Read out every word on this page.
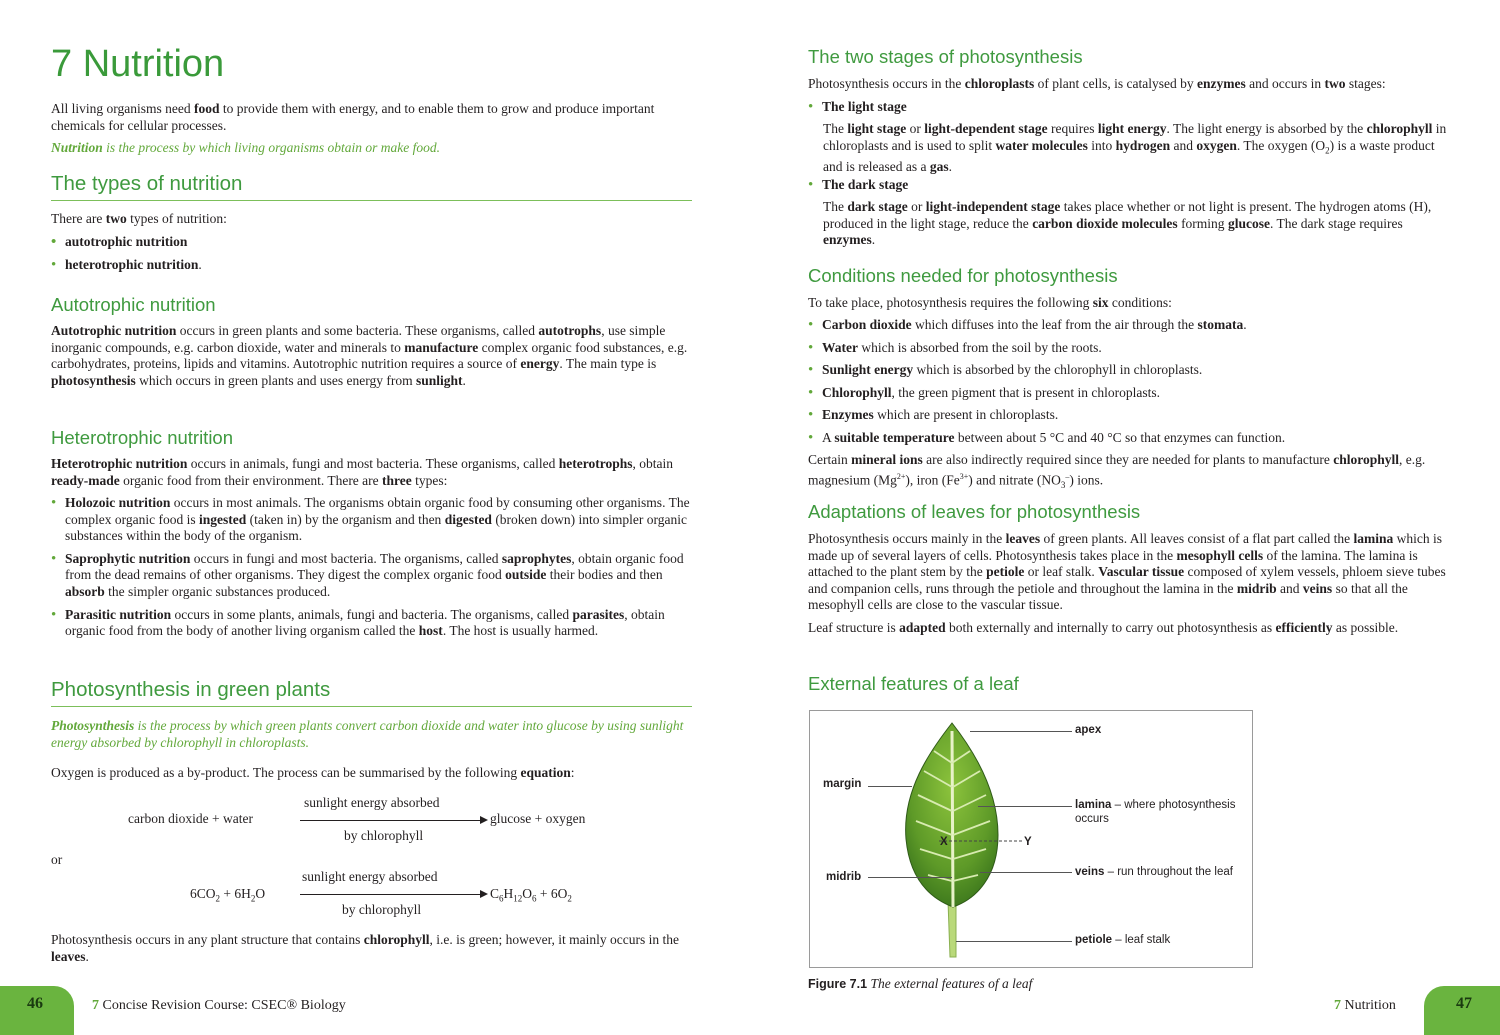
7 Nutrition

All living organisms need food to provide them with energy, and to enable them to grow and produce important chemicals for cellular processes.

Nutrition is the process by which living organisms obtain or make food.

The types of nutrition

There are two types of nutrition:

• autotrophic nutrition
• heterotrophic nutrition.
Autotrophic nutrition

Autotrophic nutrition occurs in green plants and some bacteria. These organisms, called autotrophs, use simple inorganic compounds, e.g. carbon dioxide, water and minerals to manufacture complex organic food substances, e.g. carbohydrates, proteins, lipids and vitamins. Autotrophic nutrition requires a source of energy. The main type is photosynthesis which occurs in green plants and uses energy from sunlight.

Heterotrophic nutrition

Heterotrophic nutrition occurs in animals, fungi and most bacteria. These organisms, called heterotrophs, obtain ready-made organic food from their environment. There are three types:

• Holozoic nutrition occurs in most animals. The organisms obtain organic food by consuming other organisms. The complex organic food is ingested (taken in) by the organism and then digested (broken down) into simpler organic substances within the body of the organism.
• Saprophytic nutrition occurs in fungi and most bacteria. The organisms, called saprophytes, obtain organic food from the dead remains of other organisms. They digest the complex organic food outside their bodies and then absorb the simpler organic substances produced.
• Parasitic nutrition occurs in some plants, animals, fungi and bacteria. The organisms, called parasites, obtain organic food from the body of another living organism called the host. The host is usually harmed.
Photosynthesis in green plants

Photosynthesis is the process by which green plants convert carbon dioxide and water into glucose by using sunlight energy absorbed by chlorophyll in chloroplasts.

Oxygen is produced as a by-product. The process can be summarised by the following equation:

sunlight energy absorbed
carbon dioxide + water	glucose + oxygen
by chlorophyll
or
sunlight energy absorbed
$6CO_2 + 6H_2O$	$C_6H_{12}O_6 + 6O_2$
by chlorophyll

Photosynthesis occurs in any plant structure that contains chlorophyll, i.e. is green; however, it mainly occurs in the leaves.

46	7 Concise Revision Course: CSEC® Biology
The two stages of photosynthesis

Photosynthesis occurs in the chloroplasts of plant cells, is catalysed by enzymes and occurs in two stages:

• The light stage

The light stage or light-dependent stage requires light energy. The light energy is absorbed by the chlorophyll in chloroplasts and is used to split water molecules into hydrogen and oxygen. The oxygen $(O_2)$ is a waste product and is released as a gas.

• The dark stage

The dark stage or light-independent stage takes place whether or not light is present. The hydrogen atoms (H), produced in the light stage, reduce the carbon dioxide molecules forming glucose. The dark stage requires enzymes.

Conditions needed for photosynthesis

To take place, photosynthesis requires the following six conditions:

• Carbon dioxide which diffuses into the leaf from the air through the stomata.
• Water which is absorbed from the soil by the roots.
• Sunlight energy which is absorbed by the chlorophyll in chloroplasts.
• Chlorophyll, the green pigment that is present in chloroplasts.
• Enzymes which are present in chloroplasts.
• A suitable temperature between about 5 °C and 40 °C so that enzymes can function.

Certain mineral ions are also indirectly required since they are needed for plants to manufacture chlorophyll, e.g. magnesium $(Mg^{2+})$, iron $(Fe^{3+})$ and nitrate $(NO_3^-)$ ions.

Adaptations of leaves for photosynthesis

Photosynthesis occurs mainly in the leaves of green plants. All leaves consist of a flat part called the lamina which is made up of several layers of cells. Photosynthesis takes place in the mesophyll cells of the lamina. The lamina is attached to the plant stem by the petiole or leaf stalk. Vascular tissue composed of xylem vessels, phloem sieve tubes and companion cells, runs through the petiole and throughout the lamina in the midrib and veins so that all the mesophyll cells are close to the vascular tissue.

Leaf structure is adapted both externally and internally to carry out photosynthesis as efficiently as possible.

External features of a leaf
apex
margin
lamina – where photosynthesis occurs
X	Y
midrib	veins – run throughout the leaf
petiole – leaf stalk
Figure 7.1 The external features of a leaf
7 Nutrition	47
